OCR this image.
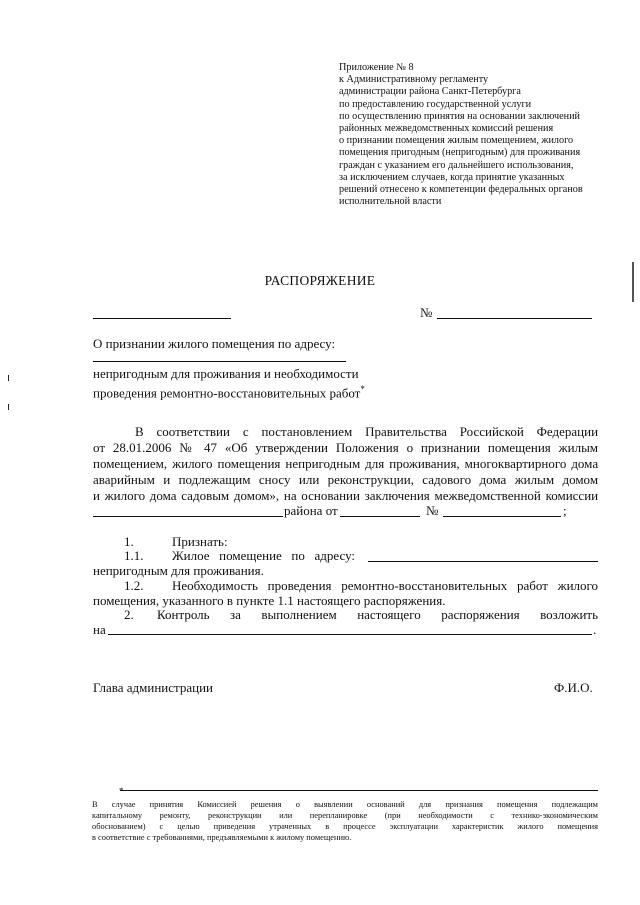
Приложение № 8
к Административному регламенту
администрации района Санкт-Петербурга
по предоставлению государственной услуги
по осуществлению принятия на основании заключений
районных межведомственных комиссий решения
о признании помещения жилым помещением, жилого
помещения пригодным (непригодным) для проживания
граждан с указанием его дальнейшего использования,
за исключением случаев, когда принятие указанных
решений отнесено к компетенции федеральных органов
исполнительной власти
РАСПОРЯЖЕНИЕ
№
О признании жилого помещения по адресу:
непригодным для проживания и необходимости
проведения ремонтно-восстановительных работ*
В соответствии с постановлением Правительства Российской Федерации
от 28.01.2006 № 47 «Об утверждении Положения о признании помещения жилым
помещением, жилого помещения непригодным для проживания, многоквартирного дома
аварийным и подлежащим сносу или реконструкции, садового дома жилым домом
и жилого дома садовым домом», на основании заключения межведомственной комиссии
района от	№	;
1.	Признать:
1.1. Жилое помещение по адресу:
непригодным для проживания.
1.2. Необходимость проведения ремонтно-восстановительных работ жилого
помещения, указанного в пункте 1.1 настоящего распоряжения.
2. Контроль за выполнением настоящего распоряжения возложить
на	.
Глава администрации	Ф.И.О.
*
В случае принятия Комиссией решения о выявлении оснований для признания помещения подлежащим
капитальному ремонту, реконструкции или перепланировке (при необходимости с технико-экономическим
обоснованием) с целью приведения утраченных в процессе эксплуатации характеристик жилого помещения
в соответствие с требованиями, предъявляемыми к жилому помещению.
